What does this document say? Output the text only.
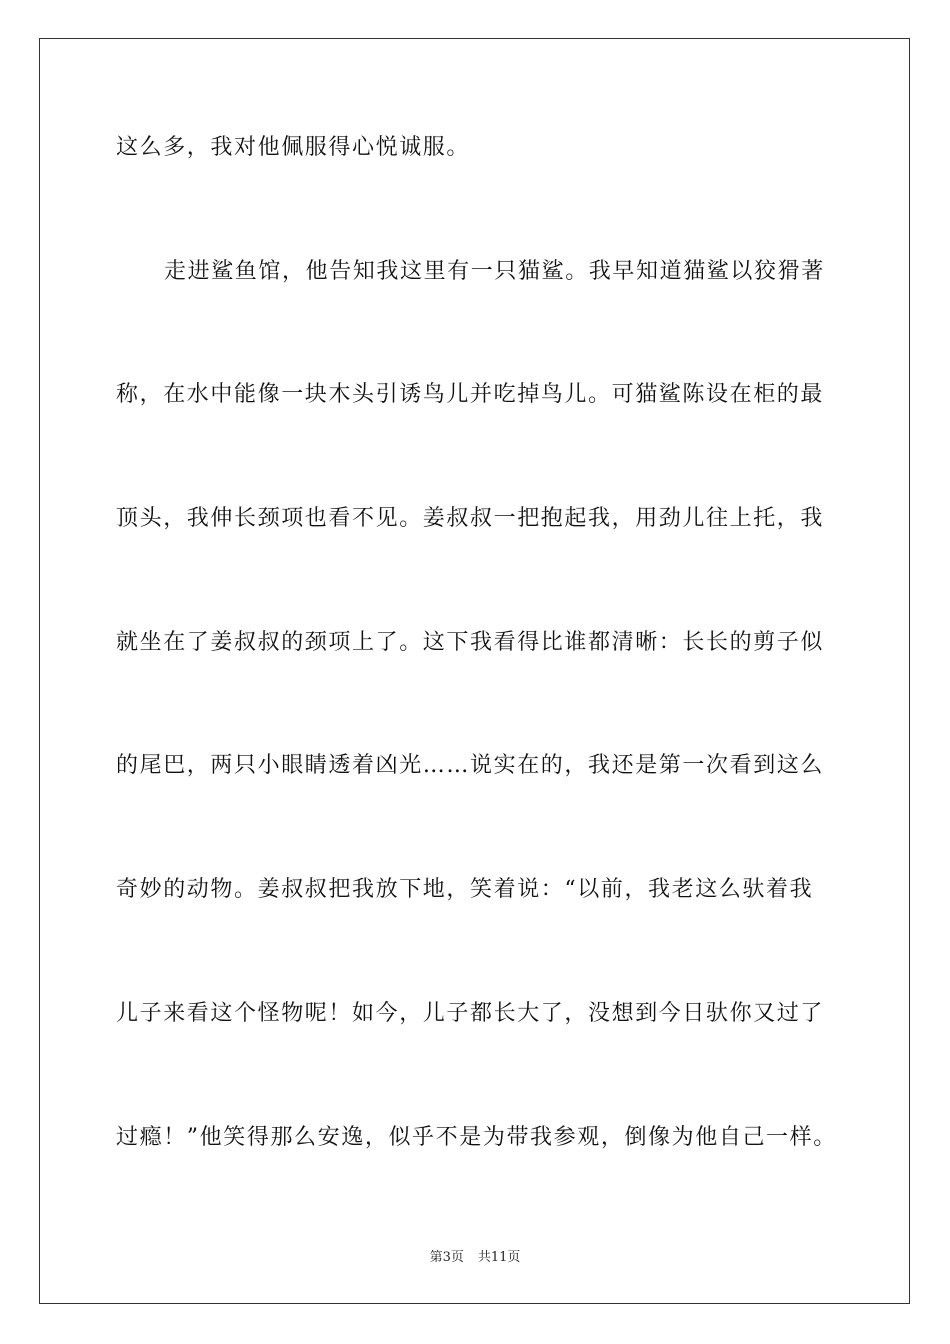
这么多，我对他佩服得心悦诚服。
走进鲨鱼馆，他告知我这里有一只猫鲨。我早知道猫鲨以狡猾著
称，在水中能像一块木头引诱鸟儿并吃掉鸟儿。可猫鲨陈设在柜的最
顶头，我伸长颈项也看不见。姜叔叔一把抱起我，用劲儿往上托，我
就坐在了姜叔叔的颈项上了。这下我看得比谁都清晰：长长的剪子似
的尾巴，两只小眼睛透着凶光……说实在的，我还是第一次看到这么
奇妙的动物。姜叔叔把我放下地，笑着说：“以前，我老这么驮着我
儿子来看这个怪物呢！如今，儿子都长大了，没想到今日驮你又过了
过瘾！”他笑得那么安逸，似乎不是为带我参观，倒像为他自己一样。
第3页 共11页
